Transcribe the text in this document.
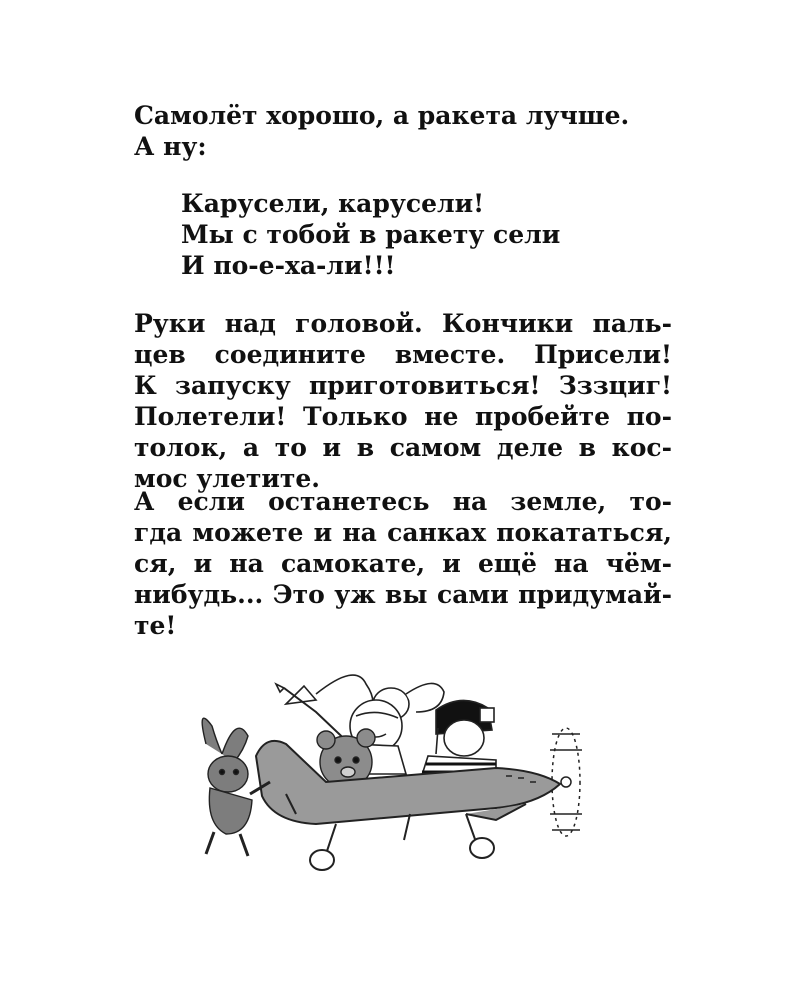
Самолёт хорошо, а ракета лучше.
А ну:
Карусели, карусели!
Мы с тобой в ракету сели
И по-е-ха-ли!!!
Руки над головой. Кончики паль-
цев соедините вместе. Присели!
К запуску приготовиться! Зззциг!
Полетели! Только не пробейте по-
толок, а то и в самом деле в кос-
мос улетите.
А если останетесь на земле, то-
гда можете и на санках покататься,
ся, и на самокате, и ещё на чём-
нибудь... Это уж вы сами придумай-
те!
